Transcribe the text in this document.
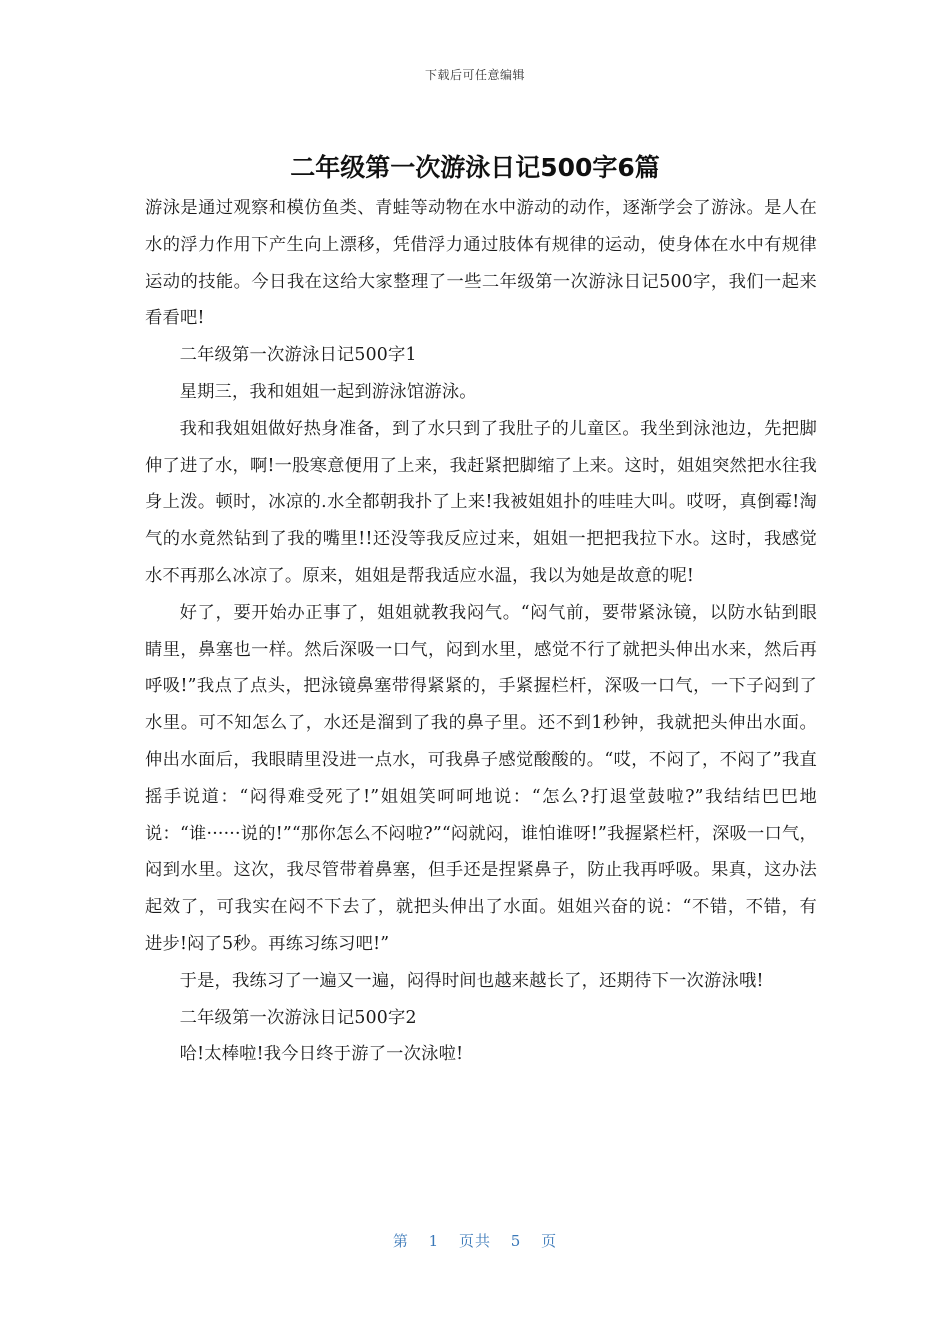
下载后可任意编辑
二年级第一次游泳日记500字6篇

游泳是通过观察和模仿鱼类、青蛙等动物在水中游动的动作，逐渐学会了游泳。是人在水的浮力作用下产生向上漂移，凭借浮力通过肢体有规律的运动，使身体在水中有规律运动的技能。今日我在这给大家整理了一些二年级第一次游泳日记500字，我们一起来看看吧!

二年级第一次游泳日记500字1

星期三，我和姐姐一起到游泳馆游泳。

我和我姐姐做好热身准备，到了水只到了我肚子的儿童区。我坐到泳池边，先把脚伸了进了水，啊!一股寒意便用了上来，我赶紧把脚缩了上来。这时，姐姐突然把水往我身上泼。顿时，冰凉的.水全都朝我扑了上来!我被姐姐扑的哇哇大叫。哎呀，真倒霉!淘气的水竟然钻到了我的嘴里!!还没等我反应过来，姐姐一把把我拉下水。这时，我感觉水不再那么冰凉了。原来，姐姐是帮我适应水温，我以为她是故意的呢!

好了，要开始办正事了，姐姐就教我闷气。“闷气前，要带紧泳镜，以防水钻到眼睛里，鼻塞也一样。然后深吸一口气，闷到水里，感觉不行了就把头伸出水来，然后再呼吸!”我点了点头，把泳镜鼻塞带得紧紧的，手紧握栏杆，深吸一口气，一下子闷到了水里。可不知怎么了，水还是溜到了我的鼻子里。还不到1秒钟，我就把头伸出水面。伸出水面后，我眼睛里没进一点水，可我鼻子感觉酸酸的。“哎，不闷了，不闷了”我直摇手说道：“闷得难受死了!”姐姐笑呵呵地说：“怎么?打退堂鼓啦?”我结结巴巴地说：“谁······说的!”“那你怎么不闷啦?”“闷就闷，谁怕谁呀!”我握紧栏杆，深吸一口气，闷到水里。这次，我尽管带着鼻塞，但手还是捏紧鼻子，防止我再呼吸。果真，这办法起效了，可我实在闷不下去了，就把头伸出了水面。姐姐兴奋的说：“不错，不错，有进步!闷了5秒。再练习练习吧!”

于是，我练习了一遍又一遍，闷得时间也越来越长了，还期待下一次游泳哦!

二年级第一次游泳日记500字2

哈!太棒啦!我今日终于游了一次泳啦!

第 1 页共 5 页
